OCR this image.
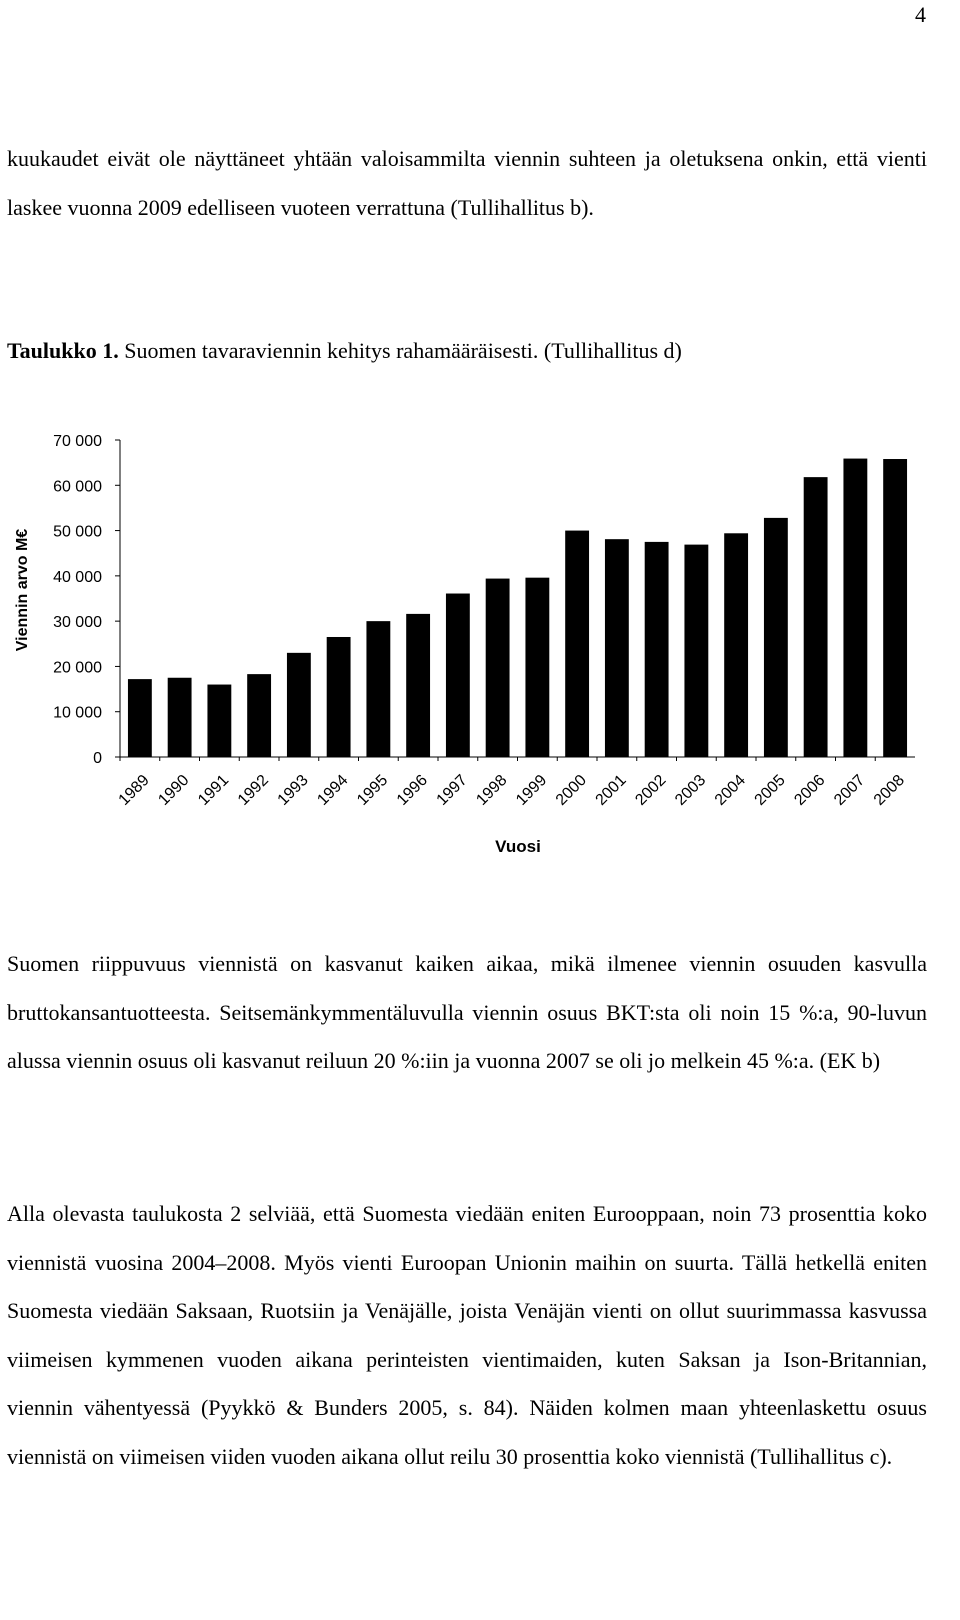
4

kuukaudet eivät ole näyttäneet yhtään valoisammilta viennin suhteen ja oletuksena onkin, että vienti laskee vuonna 2009 edelliseen vuoteen verrattuna (Tullihallitus b).

Taulukko 1. Suomen tavaraviennin kehitys rahamääräisesti. (Tullihallitus d)

0
10 000
20 000
30 000
40 000
50 000
60 000
70 000
1989 1990 1991 1992 1993 1994 1995 1996 1997 1998 1999 2000 2001 2002 2003 2004 2005 2006 2007 2008
Viennin arvo M€
Vuosi

Suomen riippuvuus viennistä on kasvanut kaiken aikaa, mikä ilmenee viennin osuuden kasvulla bruttokansantuotteesta. Seitsemänkymmentäluvulla viennin osuus BKT:sta oli noin 15 %:a, 90-luvun alussa viennin osuus oli kasvanut reiluun 20 %:iin ja vuonna 2007 se oli jo melkein 45 %:a. (EK b)

Alla olevasta taulukosta 2 selviää, että Suomesta viedään eniten Eurooppaan, noin 73 prosenttia koko viennistä vuosina 2004–2008. Myös vienti Euroopan Unionin maihin on suurta. Tällä hetkellä eniten Suomesta viedään Saksaan, Ruotsiin ja Venäjälle, joista Venäjän vienti on ollut suurimmassa kasvussa viimeisen kymmenen vuoden aikana perinteisten vientimaiden, kuten Saksan ja Ison-Britannian, viennin vähentyessä (Pyykkö & Bunders 2005, s. 84). Näiden kolmen maan yhteenlaskettu osuus viennistä on viimeisen viiden vuoden aikana ollut reilu 30 prosenttia koko viennistä (Tullihallitus c).
